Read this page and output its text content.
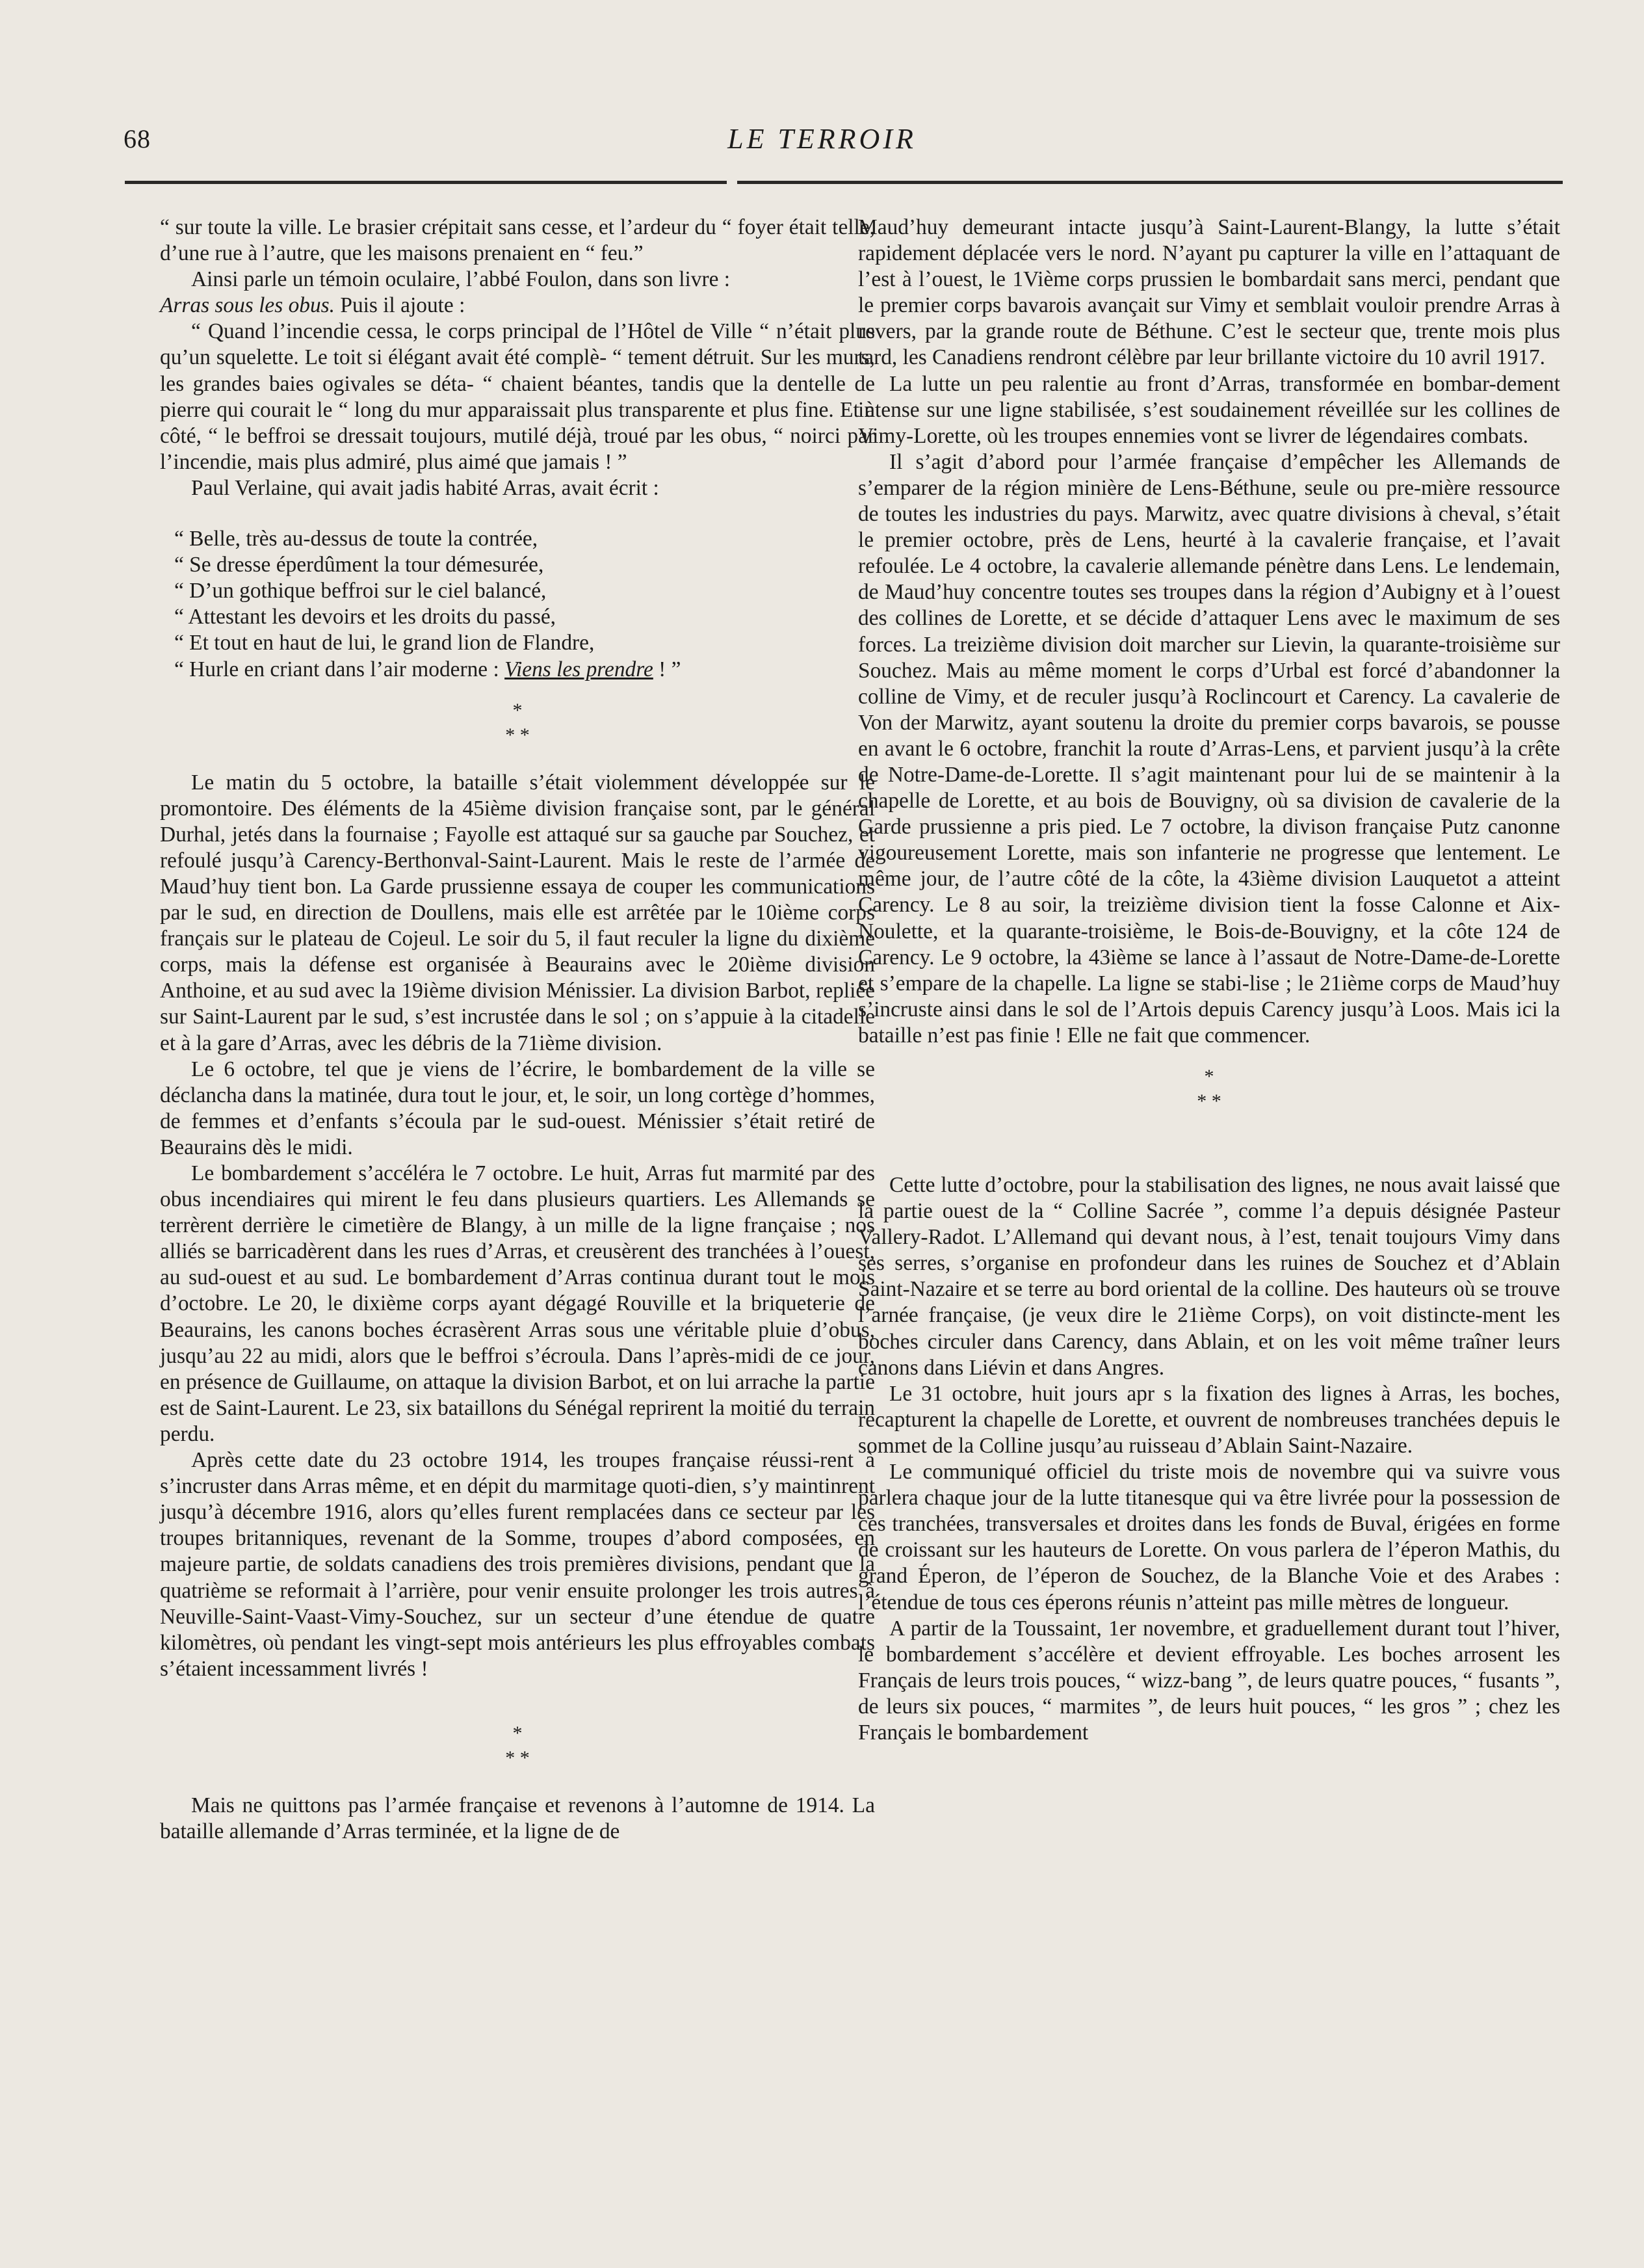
68	LE TERROIR

“ sur toute la ville. Le brasier crépitait sans cesse, et l’ardeur du “ foyer était telle, d’une rue à l’autre, que les maisons prenaient en “ feu.”

Ainsi parle un témoin oculaire, l’abbé Foulon, dans son livre :
Arras sous les obus. Puis il ajoute :

“ Quand l’incendie cessa, le corps principal de l’Hôtel de Ville “ n’était plus qu’un squelette. Le toit si élégant avait été complè- “ tement détruit. Sur les murs, les grandes baies ogivales se déta- “ chaient béantes, tandis que la dentelle de pierre qui courait le “ long du mur apparaissait plus transparente et plus fine. Et à côté, “ le beffroi se dressait toujours, mutilé déjà, troué par les obus, “ noirci par l’incendie, mais plus admiré, plus aimé que jamais ! ”

Paul Verlaine, qui avait jadis habité Arras, avait écrit :

“ Belle, très au-dessus de toute la contrée,
“ Se dresse éperdûment la tour démesurée,
“ D’un gothique beffroi sur le ciel balancé,
“ Attestant les devoirs et les droits du passé,
“ Et tout en haut de lui, le grand lion de Flandre,
“ Hurle en criant dans l’air moderne : Viens les prendre ! ”
*
* *

Le matin du 5 octobre, la bataille s’était violemment développée sur le promontoire. Des éléments de la 45ième division française sont, par le général Durhal, jetés dans la fournaise ; Fayolle est attaqué sur sa gauche par Souchez, et refoulé jusqu’à Carency-Berthonval-Saint-Laurent. Mais le reste de l’armée de Maud’huy tient bon. La Garde prussienne essaya de couper les communications par le sud, en direction de Doullens, mais elle est arrêtée par le 10ième corps français sur le plateau de Cojeul. Le soir du 5, il faut reculer la ligne du dixième corps, mais la défense est organisée à Beaurains avec le 20ième division Anthoine, et au sud avec la 19ième division Ménissier. La division Barbot, repliée sur Saint-Laurent par le sud, s’est incrustée dans le sol ; on s’appuie à la citadelle et à la gare d’Arras, avec les débris de la 71ième division.

Le 6 octobre, tel que je viens de l’écrire, le bombardement de la ville se déclancha dans la matinée, dura tout le jour, et, le soir, un long cortège d’hommes, de femmes et d’enfants s’écoula par le sud-ouest. Ménissier s’était retiré de Beaurains dès le midi.

Le bombardement s’accéléra le 7 octobre. Le huit, Arras fut marmité par des obus incendiaires qui mirent le feu dans plusieurs quartiers. Les Allemands se terrèrent derrière le cimetière de Blangy, à un mille de la ligne française ; nos alliés se barricadèrent dans les rues d’Arras, et creusèrent des tranchées à l’ouest, au sud-ouest et au sud. Le bombardement d’Arras continua durant tout le mois d’octobre. Le 20, le dixième corps ayant dégagé Rouville et la briqueterie de Beaurains, les canons boches écrasèrent Arras sous une véritable pluie d’obus, jusqu’au 22 au midi, alors que le beffroi s’écroula. Dans l’après-midi de ce jour, en présence de Guillaume, on attaque la division Barbot, et on lui arrache la partie est de Saint-Laurent. Le 23, six bataillons du Sénégal reprirent la moitié du terrain perdu.

Après cette date du 23 octobre 1914, les troupes française réussi-rent à s’incruster dans Arras même, et en dépit du marmitage quoti-dien, s’y maintinrent jusqu’à décembre 1916, alors qu’elles furent remplacées dans ce secteur par les troupes britanniques, revenant de la Somme, troupes d’abord composées, en majeure partie, de soldats canadiens des trois premières divisions, pendant que la quatrième se reformait à l’arrière, pour venir ensuite prolonger les trois autres à Neuville-Saint-Vaast-Vimy-Souchez, sur un secteur d’une étendue de quatre kilomètres, où pendant les vingt-sept mois antérieurs les plus effroyables combats s’étaient incessamment livrés !

*
* *

Mais ne quittons pas l’armée française et revenons à l’automne de 1914. La bataille allemande d’Arras terminée, et la ligne de de

Maud’huy demeurant intacte jusqu’à Saint-Laurent-Blangy, la lutte s’était rapidement déplacée vers le nord. N’ayant pu capturer la ville en l’attaquant de l’est à l’ouest, le 1Vième corps prussien le bombardait sans merci, pendant que le premier corps bavarois avançait sur Vimy et semblait vouloir prendre Arras à revers, par la grande route de Béthune. C’est le secteur que, trente mois plus tard, les Canadiens rendront célèbre par leur brillante victoire du 10 avril 1917.

La lutte un peu ralentie au front d’Arras, transformée en bombar-dement intense sur une ligne stabilisée, s’est soudainement réveillée sur les collines de Vimy-Lorette, où les troupes ennemies vont se livrer de légendaires combats.

Il s’agit d’abord pour l’armée française d’empêcher les Allemands de s’emparer de la région minière de Lens-Béthune, seule ou pre-mière ressource de toutes les industries du pays. Marwitz, avec quatre divisions à cheval, s’était le premier octobre, près de Lens, heurté à la cavalerie française, et l’avait refoulée. Le 4 octobre, la cavalerie allemande pénètre dans Lens. Le lendemain, de Maud’huy concentre toutes ses troupes dans la région d’Aubigny et à l’ouest des collines de Lorette, et se décide d’attaquer Lens avec le maximum de ses forces. La treizième division doit marcher sur Lievin, la quarante-troisième sur Souchez. Mais au même moment le corps d’Urbal est forcé d’abandonner la colline de Vimy, et de reculer jusqu’à Roclincourt et Carency. La cavalerie de Von der Marwitz, ayant soutenu la droite du premier corps bavarois, se pousse en avant le 6 octobre, franchit la route d’Arras-Lens, et parvient jusqu’à la crête de Notre-Dame-de-Lorette. Il s’agit maintenant pour lui de se maintenir à la chapelle de Lorette, et au bois de Bouvigny, où sa division de cavalerie de la Garde prussienne a pris pied. Le 7 octobre, la divison française Putz canonne vigoureusement Lorette, mais son infanterie ne progresse que lentement. Le même jour, de l’autre côté de la côte, la 43ième division Lauquetot a atteint Carency. Le 8 au soir, la treizième division tient la fosse Calonne et Aix-Noulette, et la quarante-troisième, le Bois-de-Bouvigny, et la côte 124 de Carency. Le 9 octobre, la 43ième se lance à l’assaut de Notre-Dame-de-Lorette et s’empare de la chapelle. La ligne se stabi-lise ; le 21ième corps de Maud’huy s’incruste ainsi dans le sol de l’Artois depuis Carency jusqu’à Loos. Mais ici la bataille n’est pas finie ! Elle ne fait que commencer.

*
* *

Cette lutte d’octobre, pour la stabilisation des lignes, ne nous avait laissé que la partie ouest de la “ Colline Sacrée ”, comme l’a depuis désignée Pasteur Vallery-Radot. L’Allemand qui devant nous, à l’est, tenait toujours Vimy dans ses serres, s’organise en profondeur dans les ruines de Souchez et d’Ablain Saint-Nazaire et se terre au bord oriental de la colline. Des hauteurs où se trouve l’arnée française, (je veux dire le 21ième Corps), on voit distincte-ment les boches circuler dans Carency, dans Ablain, et on les voit même traîner leurs canons dans Liévin et dans Angres.

Le 31 octobre, huit jours apr s la fixation des lignes à Arras, les boches, recapturent la chapelle de Lorette, et ouvrent de nombreuses tranchées depuis le sommet de la Colline jusqu’au ruisseau d’Ablain Saint-Nazaire.

Le communiqué officiel du triste mois de novembre qui va suivre vous parlera chaque jour de la lutte titanesque qui va être livrée pour la possession de ces tranchées, transversales et droites dans les fonds de Buval, érigées en forme de croissant sur les hauteurs de Lorette. On vous parlera de l’éperon Mathis, du grand Éperon, de l’éperon de Souchez, de la Blanche Voie et des Arabes : l’étendue de tous ces éperons réunis n’atteint pas mille mètres de longueur.

A partir de la Toussaint, 1er novembre, et graduellement durant tout l’hiver, le bombardement s’accélère et devient effroyable. Les boches arrosent les Français de leurs trois pouces, “ wizz-bang ”, de leurs quatre pouces, “ fusants ”, de leurs six pouces, “ marmites ”, de leurs huit pouces, “ les gros ” ; chez les Français le bombardement
